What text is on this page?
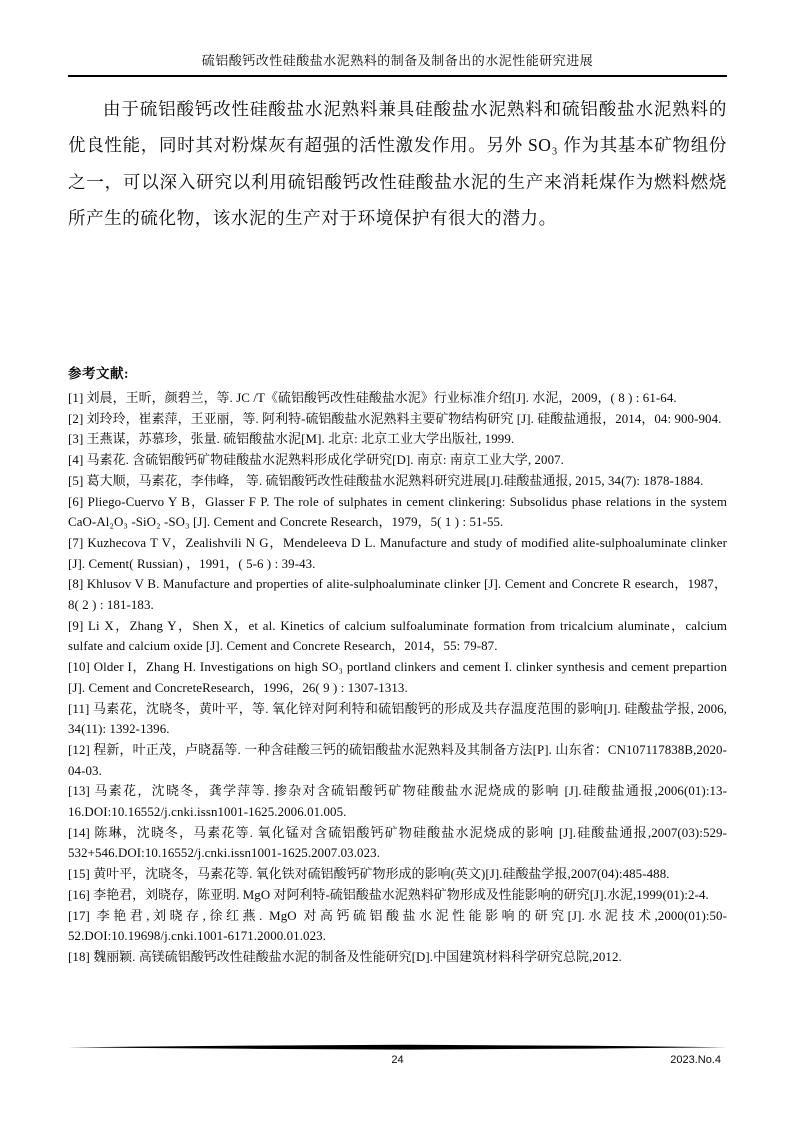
硫铝酸钙改性硅酸盐水泥熟料的制备及制备出的水泥性能研究进展

由于硫铝酸钙改性硅酸盐水泥熟料兼具硅酸盐水泥熟料和硫铝酸盐水泥熟料的优良性能，同时其对粉煤灰有超强的活性激发作用。另外 SO₃ 作为其基本矿物组份之一，可以深入研究以利用硫铝酸钙改性硅酸盐水泥的生产来消耗煤作为燃料燃烧所产生的硫化物，该水泥的生产对于环境保护有很大的潜力。

参考文献:

[1] 刘晨，王昕，颜碧兰，等. JC /T《硫铝酸钙改性硅酸盐水泥》行业标准介绍[J]. 水泥，2009，( 8 ) : 61-64.

[2] 刘玲玲，崔素萍，王亚丽，等. 阿利特-硫铝酸盐水泥熟料主要矿物结构研究 [J]. 硅酸盐通报，2014，04: 900-904.

[3] 王燕谋，苏慕珍，张量. 硫铝酸盐水泥[M]. 北京: 北京工业大学出版社, 1999.

[4] 马素花. 含硫铝酸钙矿物硅酸盐水泥熟料形成化学研究[D]. 南京: 南京工业大学, 2007.

[5] 葛大顺，马素花，李伟峰， 等. 硫铝酸钙改性硅酸盐水泥熟料研究进展[J].硅酸盐通报, 2015, 34(7): 1878-1884.

[6] Pliego-Cuervo Y B，Glasser F P. The role of sulphates in cement clinkering: Subsolidus phase relations in the system CaO-Al₂O₃ -SiO₂ -SO₃ [J]. Cement and Concrete Research，1979，5( 1 ) : 51-55.

[7] Kuzhecova T V，Zealishvili N G，Mendeleeva D L. Manufacture and study of modified alite-sulphoaluminate clinker [J]. Cement( Russian) ，1991，( 5-6 ) : 39-43.

[8] Khlusov V B. Manufacture and properties of alite-sulphoaluminate clinker [J]. Cement and Concrete R esearch，1987，8( 2 ) : 181-183.

[9] Li X，Zhang Y，Shen X，et al. Kinetics of calcium sulfoaluminate formation from tricalcium aluminate，calcium sulfate and calcium oxide [J]. Cement and Concrete Research，2014，55: 79-87.

[10] Older I，Zhang H. Investigations on high SO₃ portland clinkers and cement I. clinker synthesis and cement prepartion [J]. Cement and ConcreteResearch，1996，26( 9 ) : 1307-1313.

[11] 马素花，沈晓冬，黄叶平，等. 氧化锌对阿利特和硫铝酸钙的形成及共存温度范围的影响[J]. 硅酸盐学报, 2006, 34(11): 1392-1396.

[12] 程新，叶正茂，卢晓磊等. 一种含硅酸三钙的硫铝酸盐水泥熟料及其制备方法[P]. 山东省：CN107117838B,2020-04-03.

[13] 马素花，沈晓冬，龚学萍等. 掺杂对含硫铝酸钙矿物硅酸盐水泥烧成的影响 [J].硅酸盐通报,2006(01):13-16.DOI:10.16552/j.cnki.issn1001-1625.2006.01.005.

[14] 陈琳，沈晓冬，马素花等. 氧化锰对含硫铝酸钙矿物硅酸盐水泥烧成的影响 [J].硅酸盐通报,2007(03):529-532+546.DOI:10.16552/j.cnki.issn1001-1625.2007.03.023.

[15] 黄叶平，沈晓冬，马素花等. 氧化铁对硫铝酸钙矿物形成的影响(英文)[J].硅酸盐学报,2007(04):485-488.

[16] 李艳君，刘晓存，陈亚明. MgO 对阿利特-硫铝酸盐水泥熟料矿物形成及性能影响的研究[J].水泥,1999(01):2-4.

[17] 李艳君,刘晓存,徐红燕. MgO 对高钙硫铝酸盐水泥性能影响的研究[J].水泥技术,2000(01):50-52.DOI:10.19698/j.cnki.1001-6171.2000.01.023.

[18] 魏丽颖. 高镁硫铝酸钙改性硅酸盐水泥的制备及性能研究[D].中国建筑材料科学研究总院,2012.

24	2023.No.4
